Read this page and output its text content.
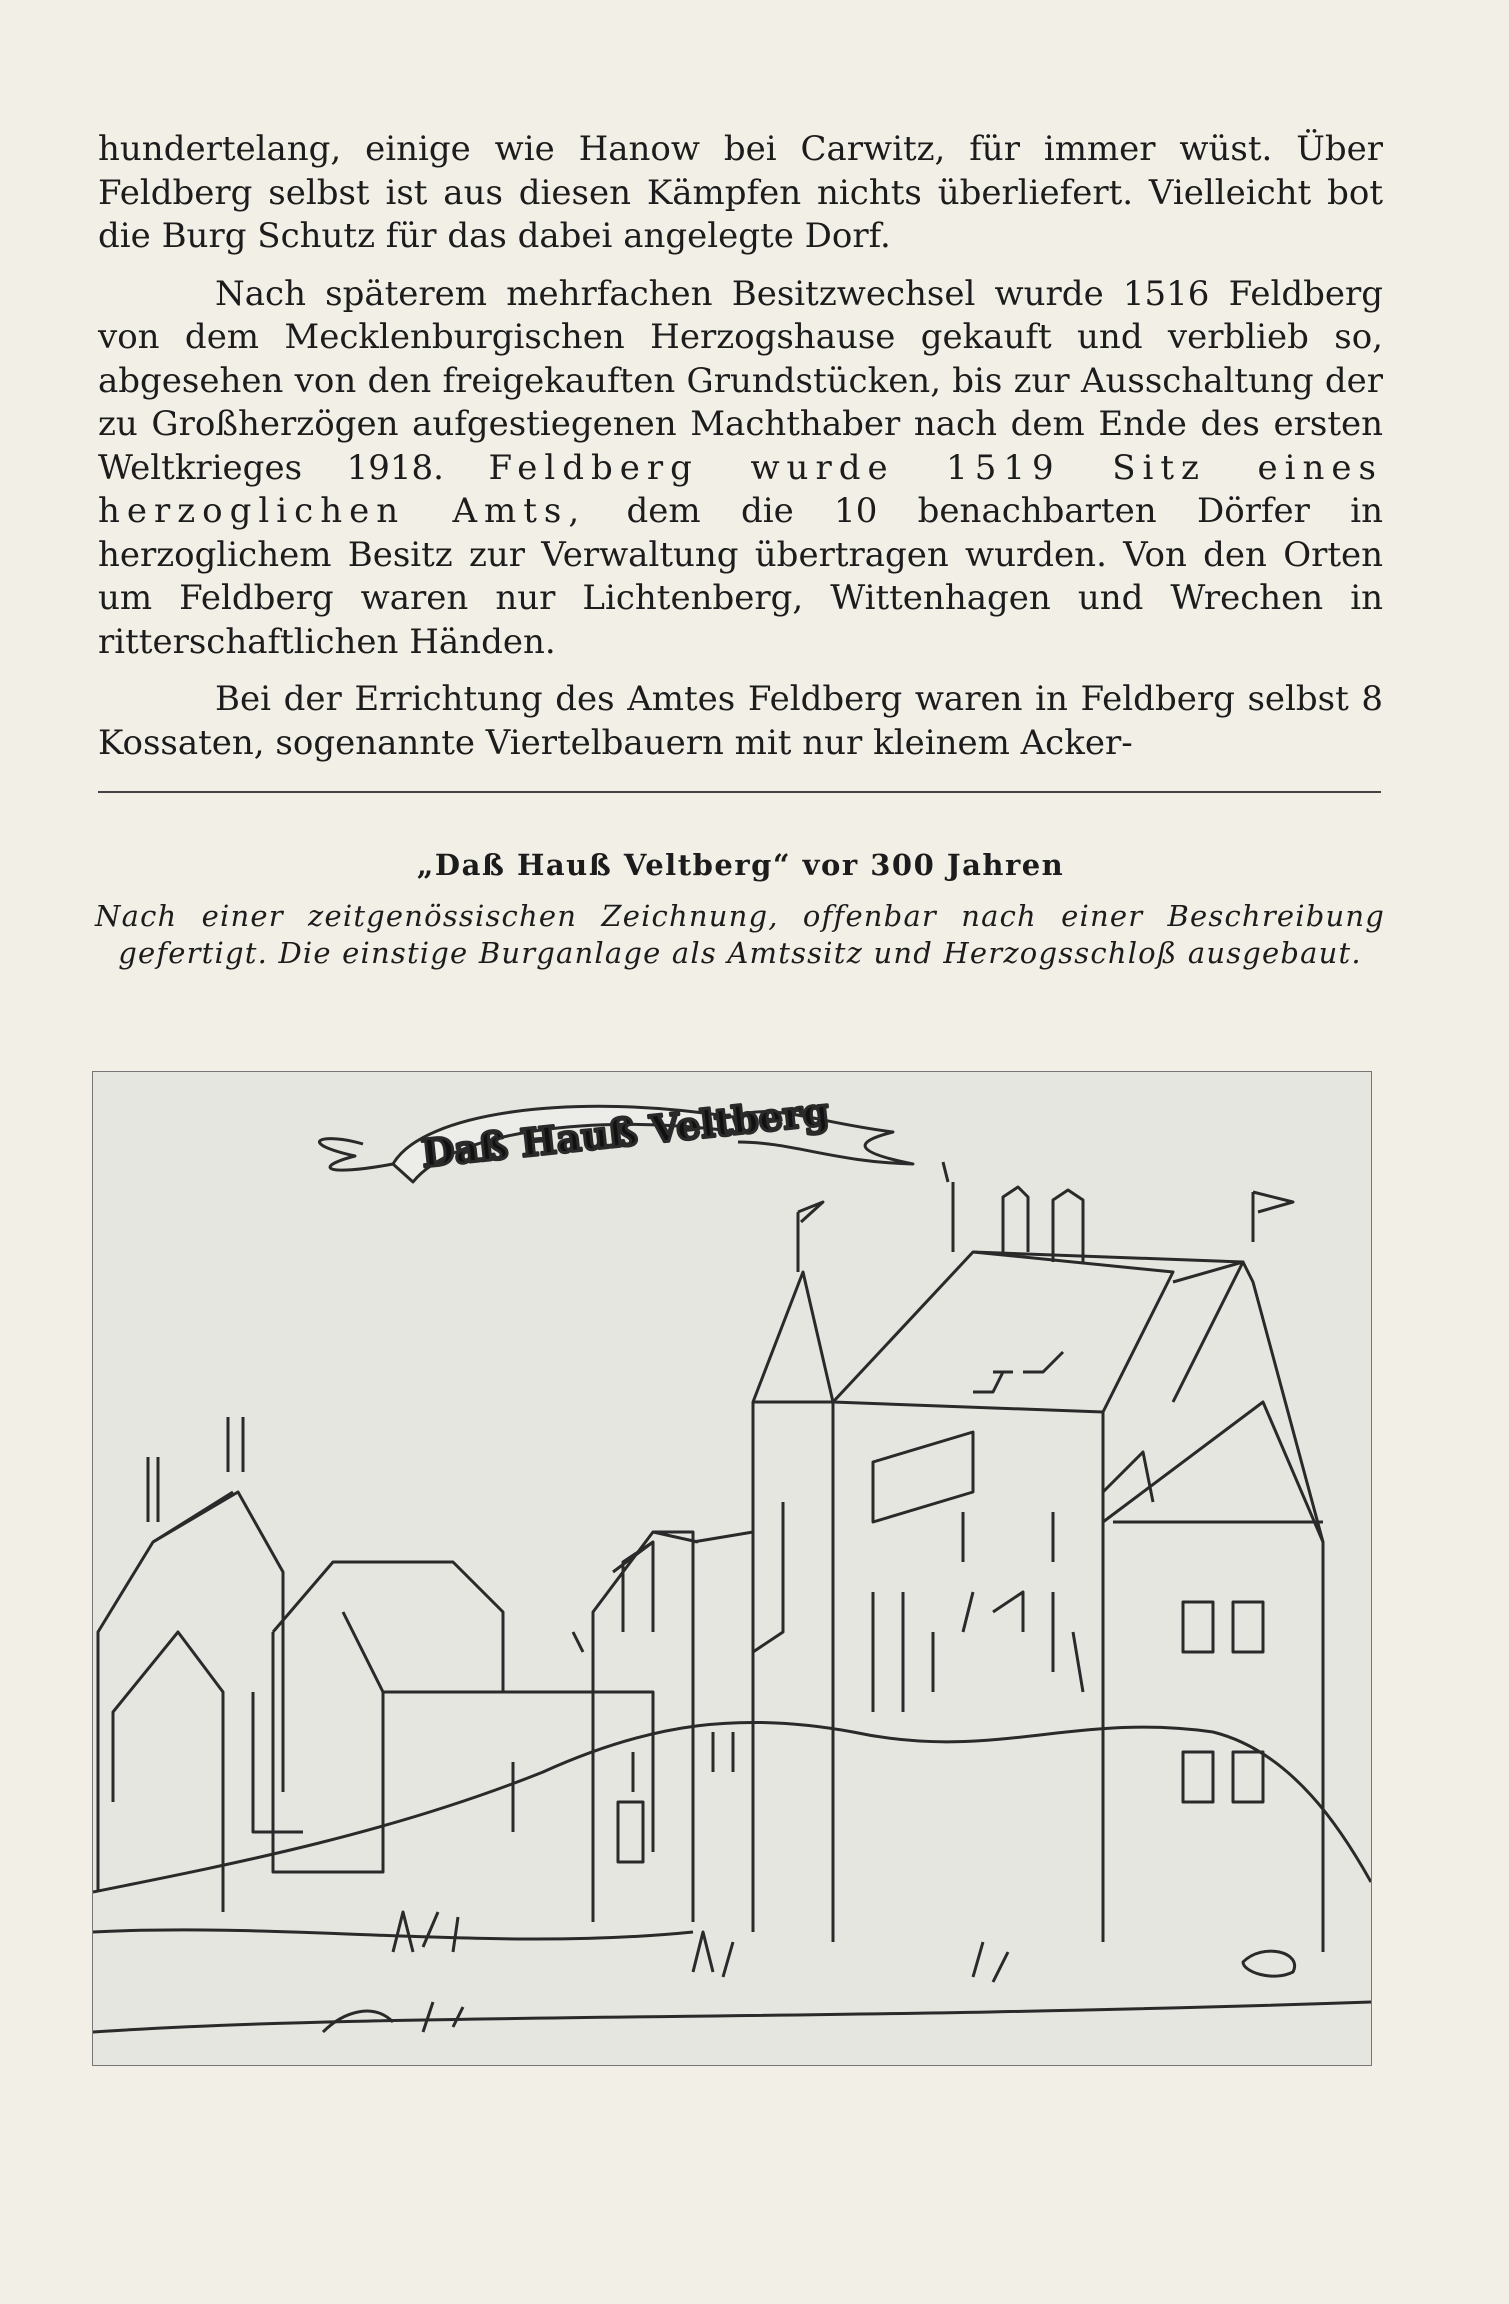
hundertelang, einige wie Hanow bei Carwitz, für immer wüst. Über Feldberg selbst ist aus diesen Kämpfen nichts überliefert. Vielleicht bot die Burg Schutz für das dabei angelegte Dorf.

Nach späterem mehrfachen Besitzwechsel wurde 1516 Feldberg von dem Mecklenburgischen Herzogshause gekauft und verblieb so, abgesehen von den freigekauften Grundstücken, bis zur Ausschaltung der zu Großherzögen aufgestiegenen Machthaber nach dem Ende des ersten Weltkrieges 1918. Feldberg wurde 1519 Sitz eines herzoglichen Amts, dem die 10 benachbarten Dörfer in herzoglichem Besitz zur Verwaltung übertragen wurden. Von den Orten um Feldberg waren nur Lichtenberg, Wittenhagen und Wrechen in ritterschaftlichen Händen.

Bei der Errichtung des Amtes Feldberg waren in Feldberg selbst 8 Kossaten, sogenannte Viertelbauern mit nur kleinem Acker-

„Daß Hauß Veltberg“ vor 300 Jahren
Nach einer zeitgenössischen Zeichnung, offenbar nach einer Beschreibung gefertigt. Die einstige Burganlage als Amtssitz und Herzogsschloß ausgebaut.
Daß Hauß Veltberg
